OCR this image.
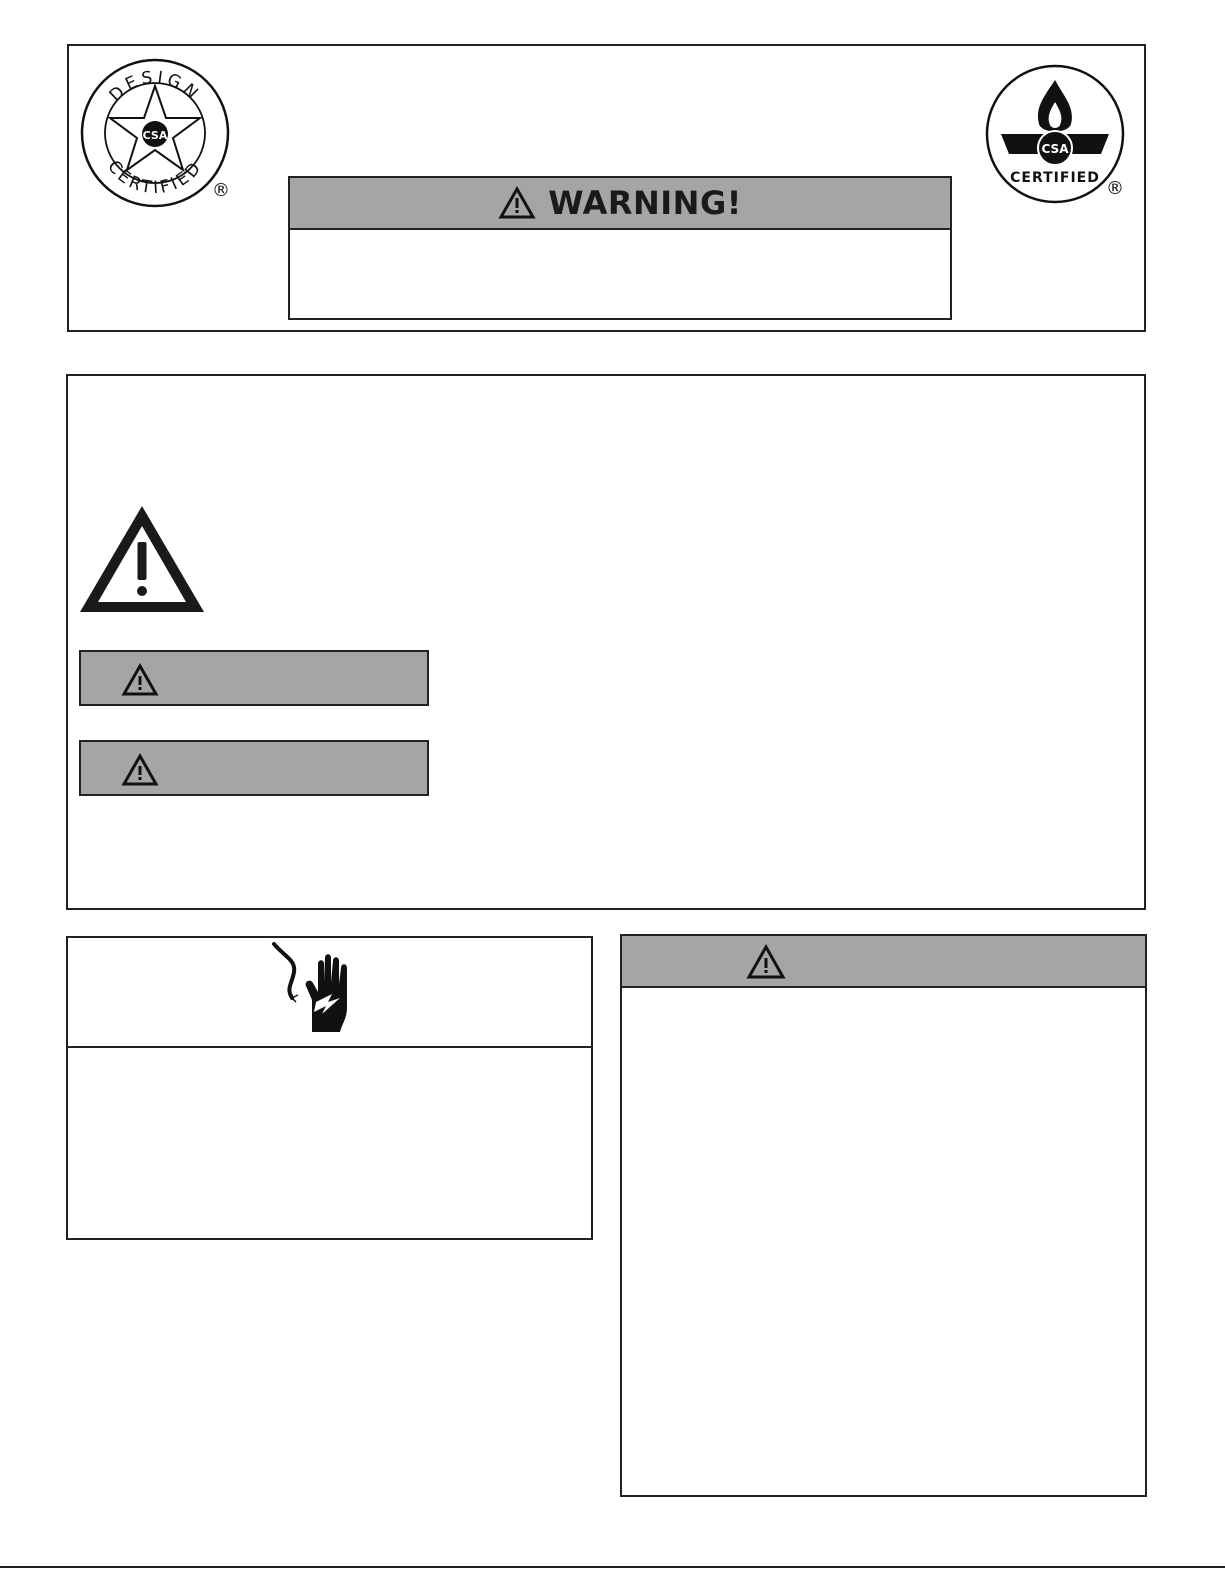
DESIGN
CERTIFIED
CSA
®
CSA
CERTIFIED ®
WARNING!
